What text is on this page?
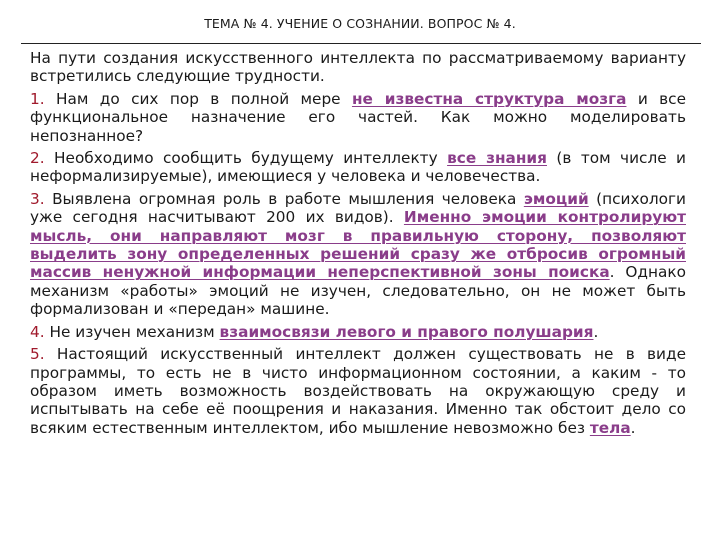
ТЕМА № 4. УЧЕНИЕ О СОЗНАНИИ. ВОПРОС № 4.

На пути создания искусственного интеллекта по рассматриваемому варианту встретились следующие трудности.

1. Нам до сих пор в полной мере не известна структура мозга и все функциональное назначение его частей. Как можно моделировать непознанное?

2. Необходимо сообщить будущему интеллекту все знания (в том числе и неформализируемые), имеющиеся у человека и человечества.

3. Выявлена огромная роль в работе мышления человека эмоций (психологи уже сегодня насчитывают 200 их видов). Именно эмоции контролируют мысль, они направляют мозг в правильную сторону, позволяют выделить зону определенных решений сразу же отбросив огромный массив ненужной информации неперспективной зоны поиска. Однако механизм «работы» эмоций не изучен, следовательно, он не может быть формализован и «передан» машине.

4. Не изучен механизм взаимосвязи левого и правого полушария.

5. Настоящий искусственный интеллект должен существовать не в виде программы, то есть не в чисто информационном состоянии, а каким - то образом иметь возможность воздействовать на окружающую среду и испытывать на себе её поощрения и наказания. Именно так обстоит дело со всяким естественным интеллектом, ибо мышление невозможно без тела.
